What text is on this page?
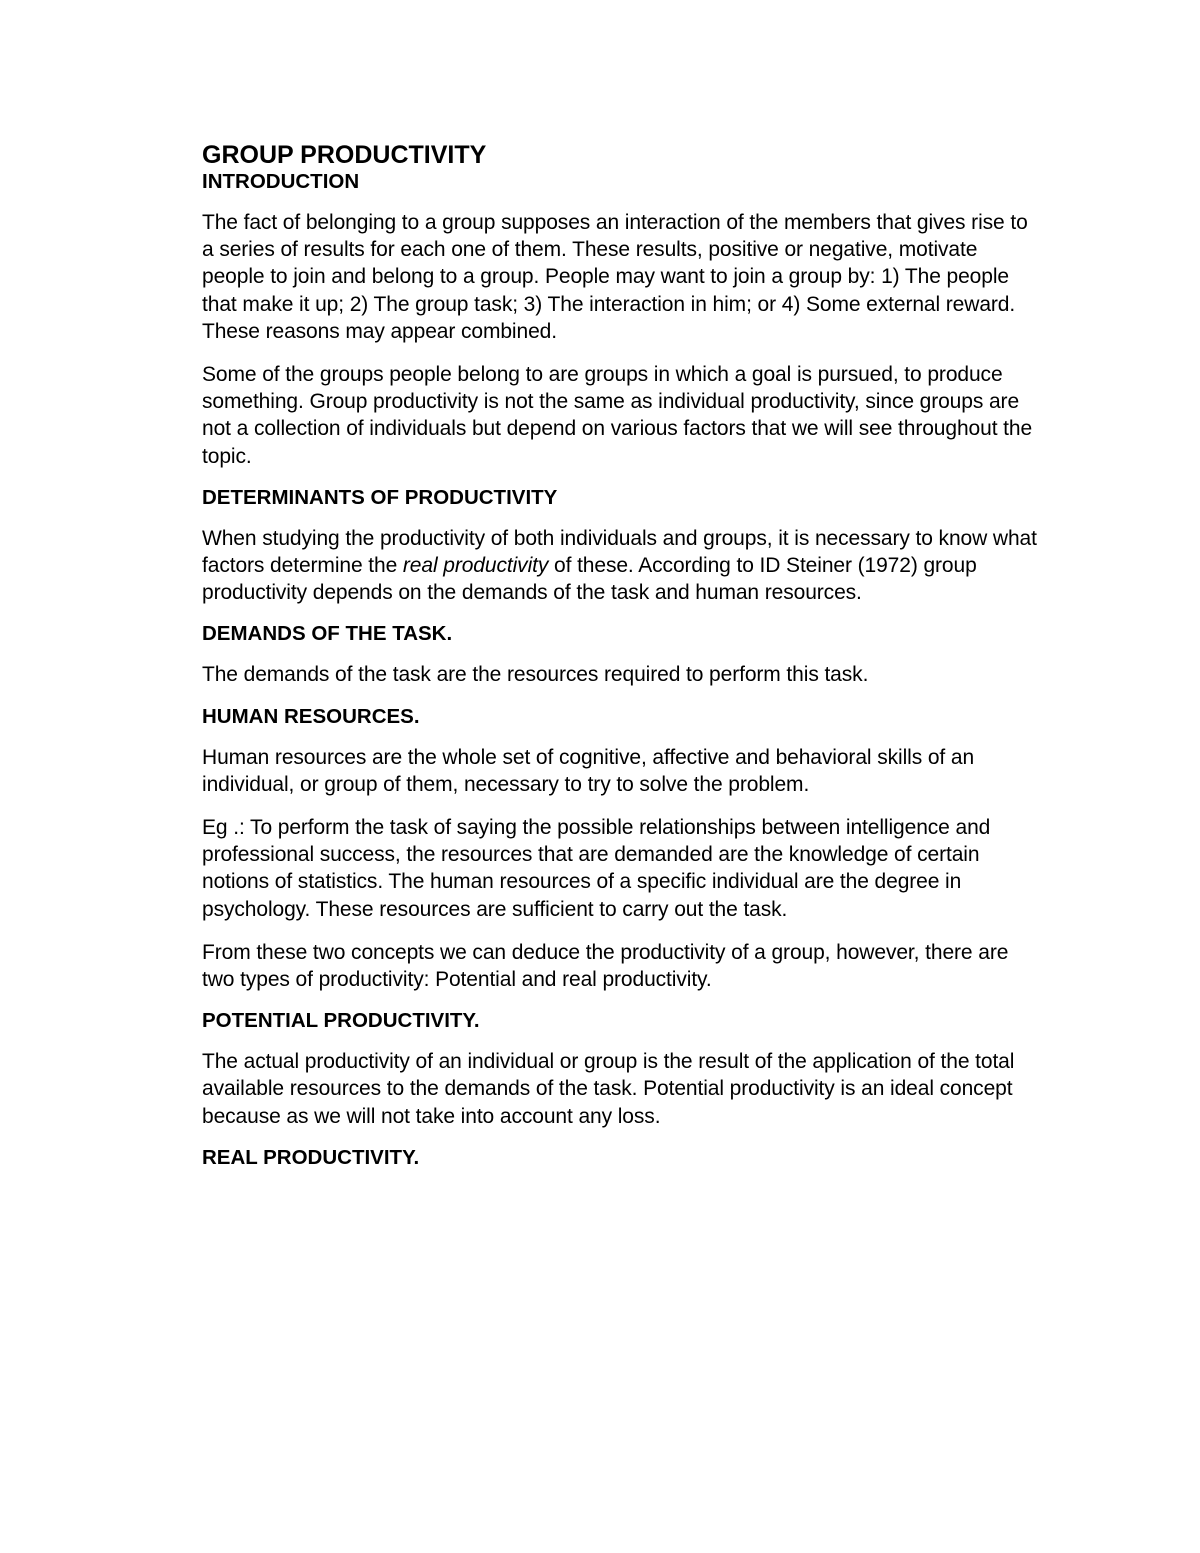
GROUP PRODUCTIVITY
INTRODUCTION

The fact of belonging to a group supposes an interaction of the members that gives rise to a series of results for each one of them. These results, positive or negative, motivate people to join and belong to a group. People may want to join a group by: 1) The people that make it up; 2) The group task; 3) The interaction in him; or 4) Some external reward. These reasons may appear combined.

Some of the groups people belong to are groups in which a goal is pursued, to produce something. Group productivity is not the same as individual productivity, since groups are not a collection of individuals but depend on various factors that we will see throughout the topic.

DETERMINANTS OF PRODUCTIVITY

When studying the productivity of both individuals and groups, it is necessary to know what factors determine the real productivity of these. According to ID Steiner (1972) group productivity depends on the demands of the task and human resources.

DEMANDS OF THE TASK.

The demands of the task are the resources required to perform this task.

HUMAN RESOURCES.

Human resources are the whole set of cognitive, affective and behavioral skills of an individual, or group of them, necessary to try to solve the problem.

Eg .: To perform the task of saying the possible relationships between intelligence and professional success, the resources that are demanded are the knowledge of certain notions of statistics. The human resources of a specific individual are the degree in psychology. These resources are sufficient to carry out the task.

From these two concepts we can deduce the productivity of a group, however, there are two types of productivity: Potential and real productivity.

POTENTIAL PRODUCTIVITY.

The actual productivity of an individual or group is the result of the application of the total available resources to the demands of the task. Potential productivity is an ideal concept because as we will not take into account any loss.

REAL PRODUCTIVITY.
